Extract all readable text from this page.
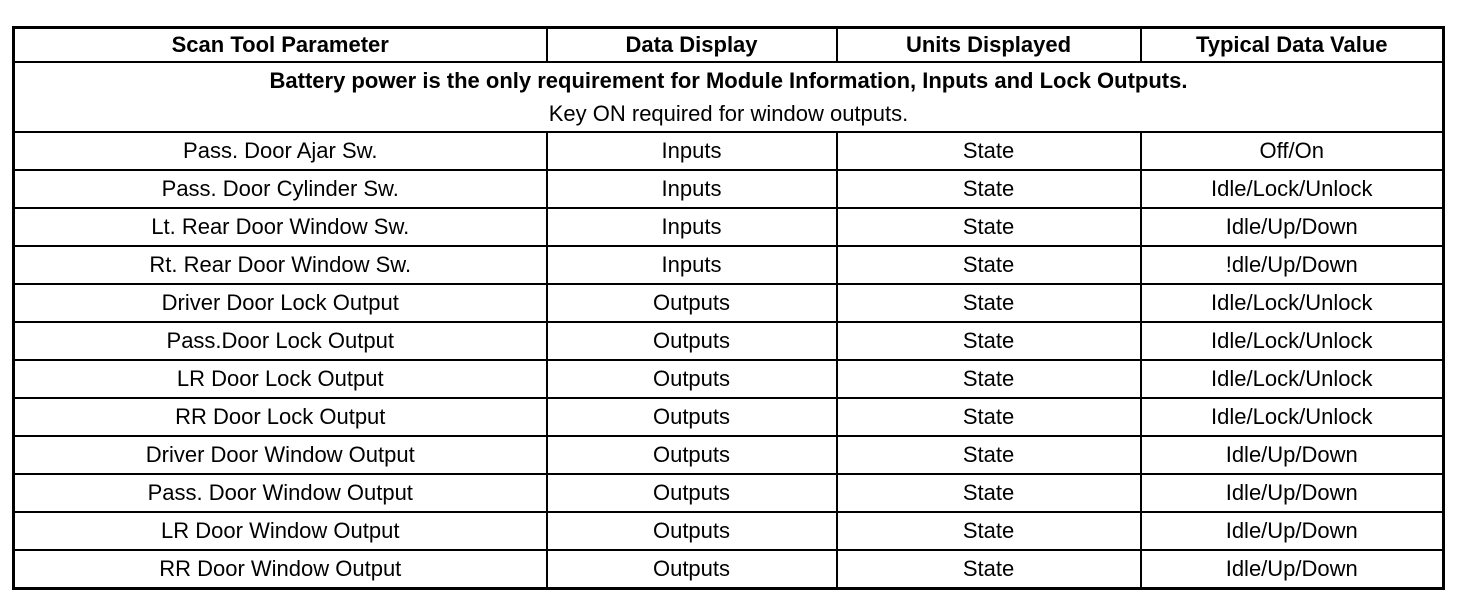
Scan Tool Parameter	Data Display	Units Displayed	Typical Data Value

Battery power is the only requirement for Module Information, Inputs and Lock Outputs.
Key ON required for window outputs.			

Pass. Door Ajar Sw.	Inputs	State	Off/On
Pass. Door Cylinder Sw.	Inputs	State	Idle/Lock/Unlock
Lt. Rear Door Window Sw.	Inputs	State	Idle/Up/Down
Rt. Rear Door Window Sw.	Inputs	State	!dle/Up/Down
Driver Door Lock Output	Outputs	State	Idle/Lock/Unlock
Pass.Door Lock Output	Outputs	State	Idle/Lock/Unlock
LR Door Lock Output	Outputs	State	Idle/Lock/Unlock
RR Door Lock Output	Outputs	State	Idle/Lock/Unlock
Driver Door Window Output	Outputs	State	Idle/Up/Down
Pass. Door Window Output	Outputs	State	Idle/Up/Down
LR Door Window Output	Outputs	State	Idle/Up/Down
RR Door Window Output	Outputs	State	Idle/Up/Down
